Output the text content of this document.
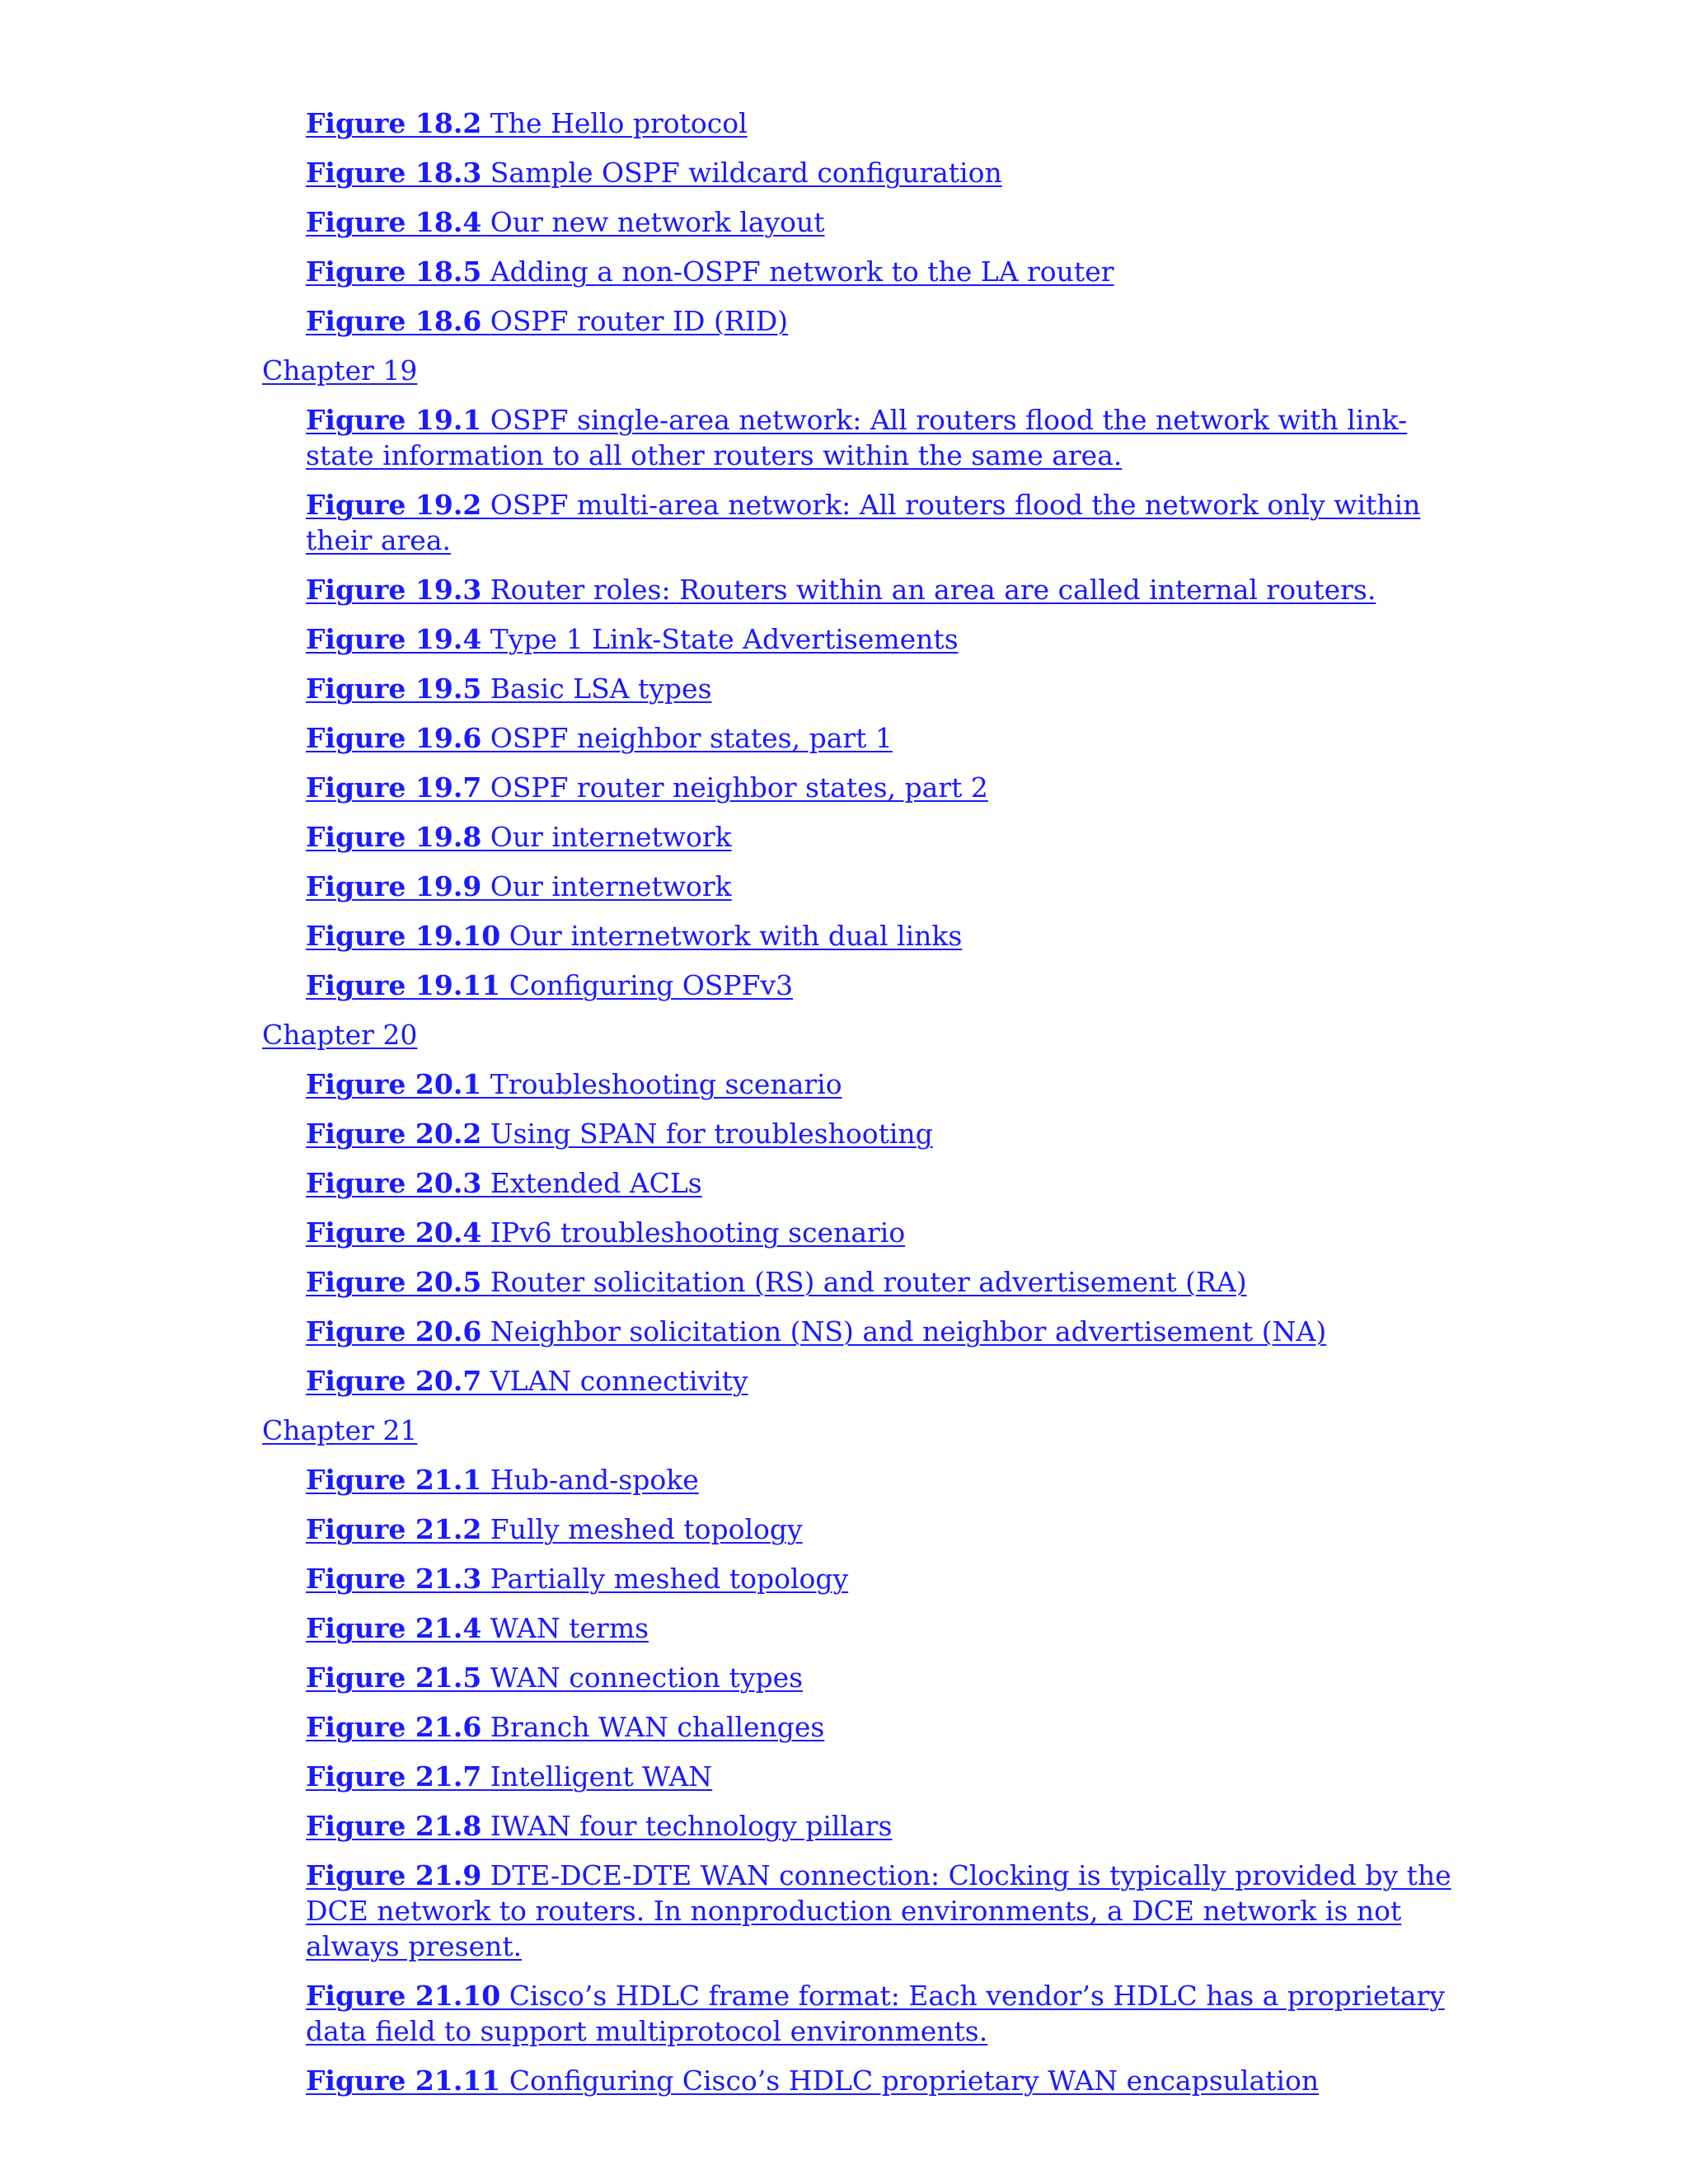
Figure 18.2 The Hello protocol
Figure 18.3 Sample OSPF wildcard configuration
Figure 18.4 Our new network layout
Figure 18.5 Adding a non-OSPF network to the LA router
Figure 18.6 OSPF router ID (RID)
Chapter 19
Figure 19.1 OSPF single-area network: All routers flood the network with link-state information to all other routers within the same area.
Figure 19.2 OSPF multi-area network: All routers flood the network only within their area.
Figure 19.3 Router roles: Routers within an area are called internal routers.
Figure 19.4 Type 1 Link-State Advertisements
Figure 19.5 Basic LSA types
Figure 19.6 OSPF neighbor states, part 1
Figure 19.7 OSPF router neighbor states, part 2
Figure 19.8 Our internetwork
Figure 19.9 Our internetwork
Figure 19.10 Our internetwork with dual links
Figure 19.11 Configuring OSPFv3
Chapter 20
Figure 20.1 Troubleshooting scenario
Figure 20.2 Using SPAN for troubleshooting
Figure 20.3 Extended ACLs
Figure 20.4 IPv6 troubleshooting scenario
Figure 20.5 Router solicitation (RS) and router advertisement (RA)
Figure 20.6 Neighbor solicitation (NS) and neighbor advertisement (NA)
Figure 20.7 VLAN connectivity
Chapter 21
Figure 21.1 Hub-and-spoke
Figure 21.2 Fully meshed topology
Figure 21.3 Partially meshed topology
Figure 21.4 WAN terms
Figure 21.5 WAN connection types
Figure 21.6 Branch WAN challenges
Figure 21.7 Intelligent WAN
Figure 21.8 IWAN four technology pillars
Figure 21.9 DTE-DCE-DTE WAN connection: Clocking is typically provided by the DCE network to routers. In nonproduction environments, a DCE network is not always present.
Figure 21.10 Cisco’s HDLC frame format: Each vendor’s HDLC has a proprietary data field to support multiprotocol environments.
Figure 21.11 Configuring Cisco’s HDLC proprietary WAN encapsulation
